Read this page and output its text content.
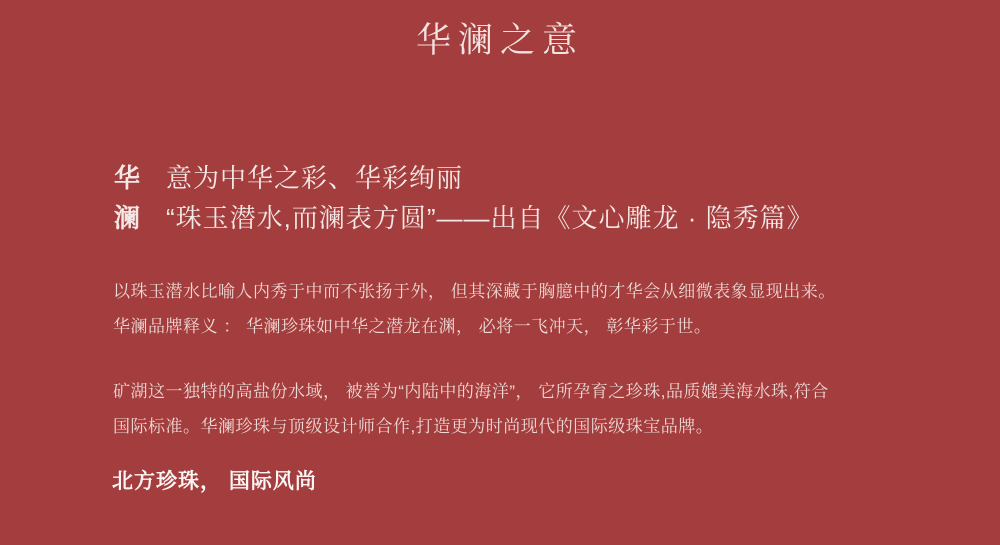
华澜之意
华 意为中华之彩、华彩绚丽
澜 “珠玉潜水,而澜表方圆”——出自《文心雕龙 · 隐秀篇》
以珠玉潜水比喻人内秀于中而不张扬于外， 但其深藏于胸臆中的才华会从细微表象显现出来。
华澜品牌释义 ： 华澜珍珠如中华之潜龙在渊， 必将一飞冲天， 彰华彩于世。
矿湖这一独特的高盐份水域， 被誉为“内陆中的海洋”， 它所孕育之珍珠,品质媲美海水珠,符合
国际标准。华澜珍珠与顶级设计师合作,打造更为时尚现代的国际级珠宝品牌。
北方珍珠， 国际风尚
